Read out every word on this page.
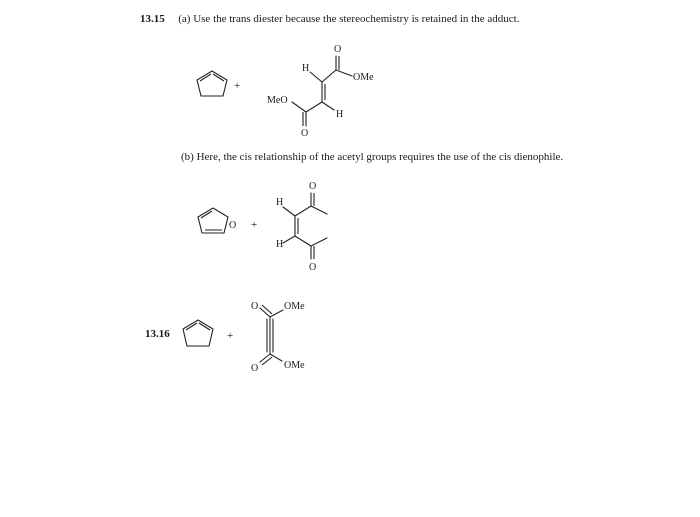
13.15 (a) Use the trans diester because the stereochemistry is retained in the adduct.
(b) Here, the cis relationship of the acetyl groups requires the use of the cis dienophile.
13.16
+
H
O
OMe
H
MeO
O
O +
H
O
H
O
+
O	OMe
O	OMe
